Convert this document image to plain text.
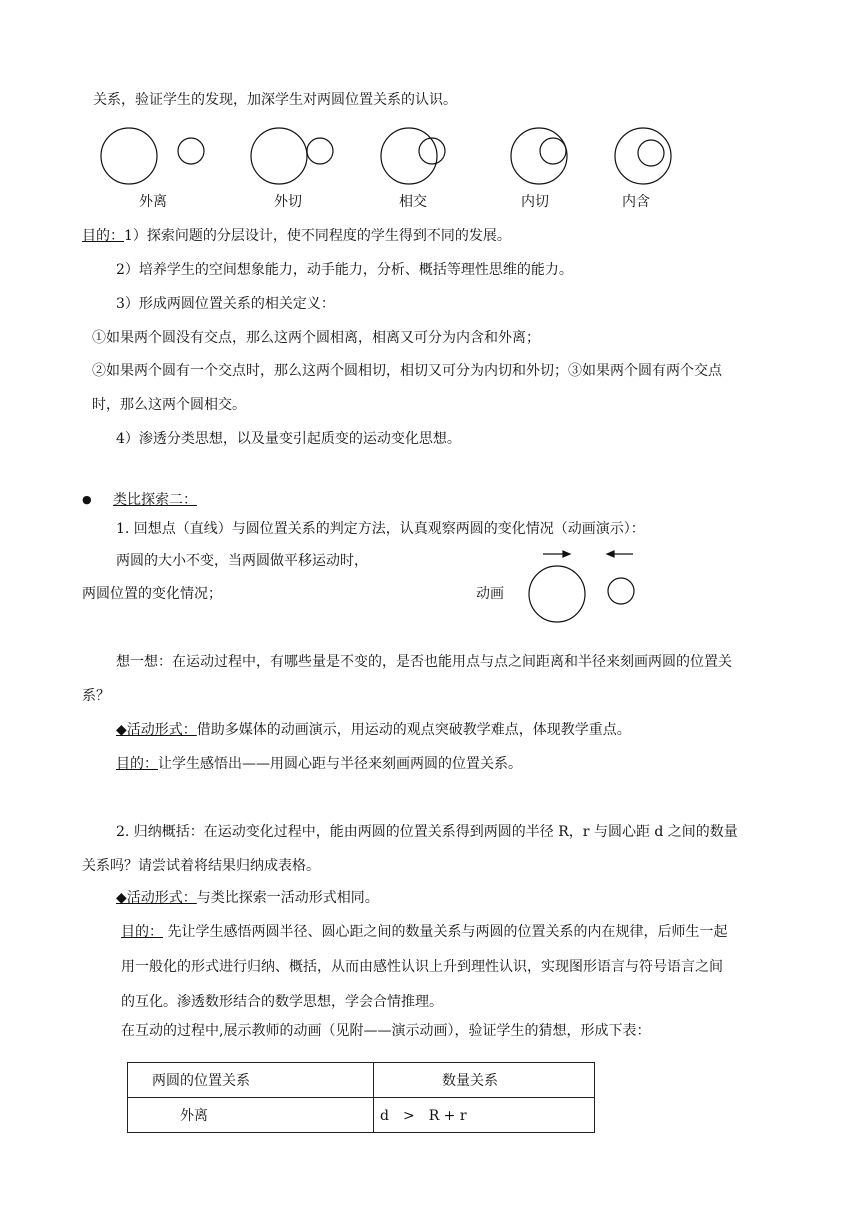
关系，验证学生的发现，加深学生对两圆位置关系的认识。
外离	外切	相交	内切	内含
目的：1）探索问题的分层设计，使不同程度的学生得到不同的发展。
2）培养学生的空间想象能力，动手能力，分析、概括等理性思维的能力。
3）形成两圆位置关系的相关定义：
①如果两个圆没有交点，那么这两个圆相离，相离又可分为内含和外离；
②如果两个圆有一个交点时，那么这两个圆相切，相切又可分为内切和外切；③如果两个圆有两个交点
时，那么这两个圆相交。
4）渗透分类思想，以及量变引起质变的运动变化思想。
● 类比探索二：
1. 回想点（直线）与圆位置关系的判定方法，认真观察两圆的变化情况（动画演示）：
两圆的大小不变，当两圆做平移运动时，
两圆位置的变化情况；	动画
想一想：在运动过程中，有哪些量是不变的，是否也能用点与点之间距离和半径来刻画两圆的位置关
系？
◆活动形式：借助多媒体的动画演示，用运动的观点突破教学难点，体现教学重点。
目的：让学生感悟出——用圆心距与半径来刻画两圆的位置关系。
2. 归纳概括：在运动变化过程中，能由两圆的位置关系得到两圆的半径 R，r 与圆心距 d 之间的数量
关系吗？请尝试着将结果归纳成表格。
◆活动形式：与类比探索一活动形式相同。
目的： 先让学生感悟两圆半径、圆心距之间的数量关系与两圆的位置关系的内在规律，后师生一起
用一般化的形式进行归纳、概括，从而由感性认识上升到理性认识，实现图形语言与符号语言之间
的互化。渗透数形结合的数学思想，学会合情推理。
在互动的过程中,展示教师的动画（见附——演示动画），验证学生的猜想，形成下表：
两圆的位置关系	数量关系
外离	d　>　R + r
